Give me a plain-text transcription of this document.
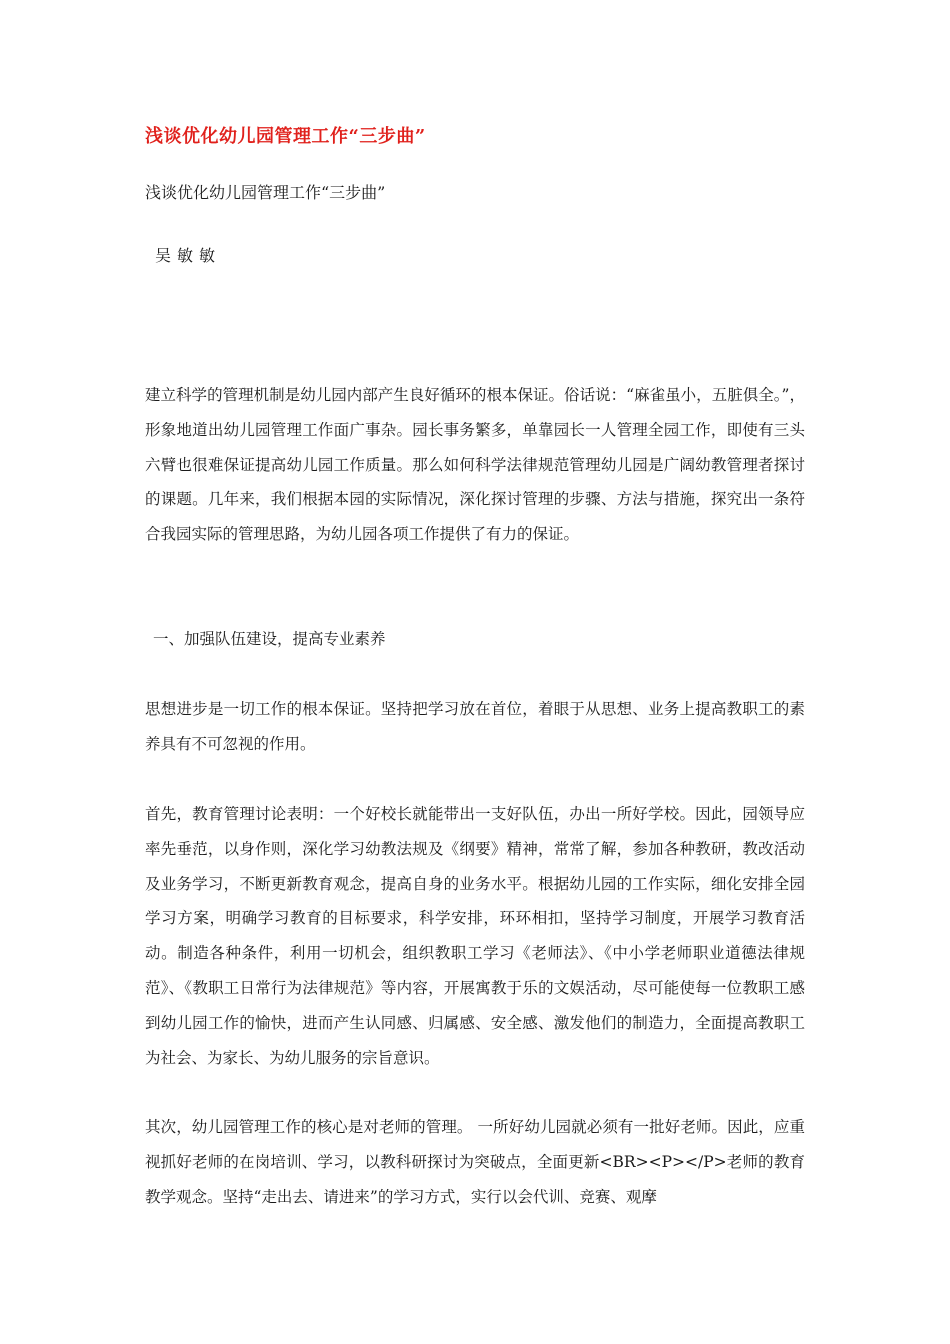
浅谈优化幼儿园管理工作“三步曲”
浅谈优化幼儿园管理工作“三步曲”
吴敏敏

建立科学的管理机制是幼儿园内部产生良好循环的根本保证。俗话说：“麻雀虽小，五脏俱全。”，形象地道出幼儿园管理工作面广事杂。园长事务繁多，单靠园长一人管理全园工作，即使有三头六臂也很难保证提高幼儿园工作质量。那么如何科学法律规范管理幼儿园是广阔幼教管理者探讨的课题。几年来，我们根据本园的实际情况，深化探讨管理的步骤、方法与措施，探究出一条符合我园实际的管理思路，为幼儿园各项工作提供了有力的保证。

一、加强队伍建设，提高专业素养

思想进步是一切工作的根本保证。坚持把学习放在首位，着眼于从思想、业务上提高教职工的素养具有不可忽视的作用。

首先，教育管理讨论表明：一个好校长就能带出一支好队伍，办出一所好学校。因此，园领导应率先垂范，以身作则，深化学习幼教法规及《纲要》精神，常常了解，参加各种教研，教改活动及业务学习，不断更新教育观念，提高自身的业务水平。根据幼儿园的工作实际，细化安排全园学习方案，明确学习教育的目标要求，科学安排，环环相扣，坚持学习制度，开展学习教育活动。制造各种条件，利用一切机会，组织教职工学习《老师法》、《中小学老师职业道德法律规范》、《教职工日常行为法律规范》等内容，开展寓教于乐的文娱活动，尽可能使每一位教职工感到幼儿园工作的愉快，进而产生认同感、归属感、安全感、激发他们的制造力，全面提高教职工为社会、为家长、为幼儿服务的宗旨意识。

其次，幼儿园管理工作的核心是对老师的管理。 一所好幼儿园就必须有一批好老师。因此，应重视抓好老师的在岗培训、学习，以教科研探讨为突破点，全面更新<BR><P></P>老师的教育教学观念。坚持“走出去、请进来”的学习方式，实行以会代训、竞赛、观摩
